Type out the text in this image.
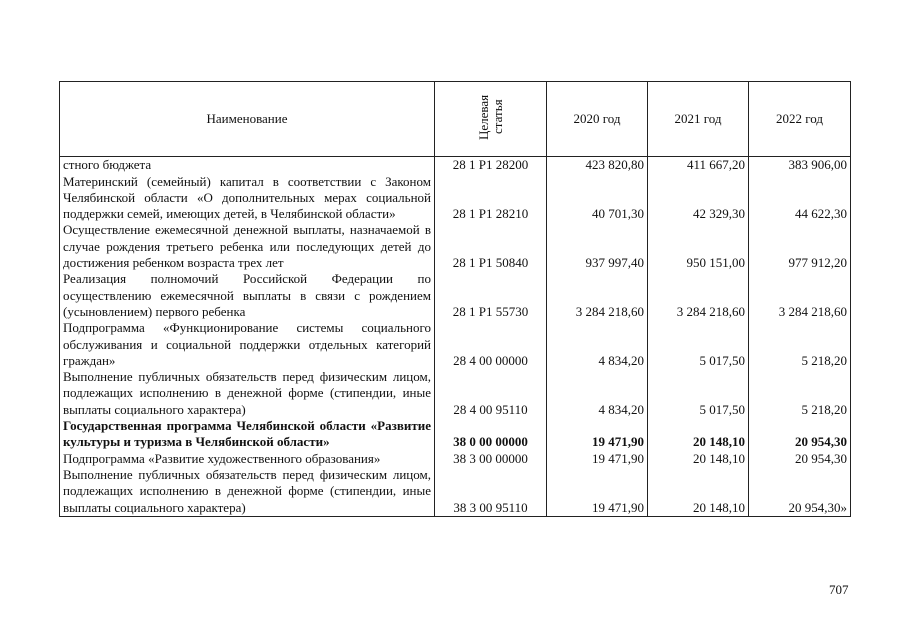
Наименование	Целевая статья	2020 год	2021 год	2022 год
стного бюджета	28 1 P1 28200	423 820,80	411 667,20	383 906,00
Материнский (семейный) капитал в соответствии с Законом Челябинской области «О дополнительных мерах социальной поддержки семей, имеющих детей, в Челябинской области»	28 1 P1 28210	40 701,30	42 329,30	44 622,30
Осуществление ежемесячной денежной выплаты, назначаемой в случае рождения третьего ребенка или последующих детей до достижения ребенком возраста трех лет	28 1 P1 50840	937 997,40	950 151,00	977 912,20
Реализация полномочий Российской Федерации по осуществлению ежемесячной выплаты в связи с рождением (усыновлением) первого ребенка	28 1 P1 55730	3 284 218,60	3 284 218,60	3 284 218,60
Подпрограмма «Функционирование системы социального обслуживания и социальной поддержки отдельных категорий граждан»	28 4 00 00000	4 834,20	5 017,50	5 218,20
Выполнение публичных обязательств перед физическим лицом, подлежащих исполнению в денежной форме (стипендии, иные выплаты социального характера)	28 4 00 95110	4 834,20	5 017,50	5 218,20
Государственная программа Челябинской области «Развитие культуры и туризма в Челябинской области»	38 0 00 00000	19 471,90	20 148,10	20 954,30
Подпрограмма «Развитие художественного образования»	38 3 00 00000	19 471,90	20 148,10	20 954,30
Выполнение публичных обязательств перед физическим лицом, подлежащих исполнению в денежной форме (стипендии, иные выплаты социального характера)	38 3 00 95110	19 471,90	20 148,10	20 954,30»
707
